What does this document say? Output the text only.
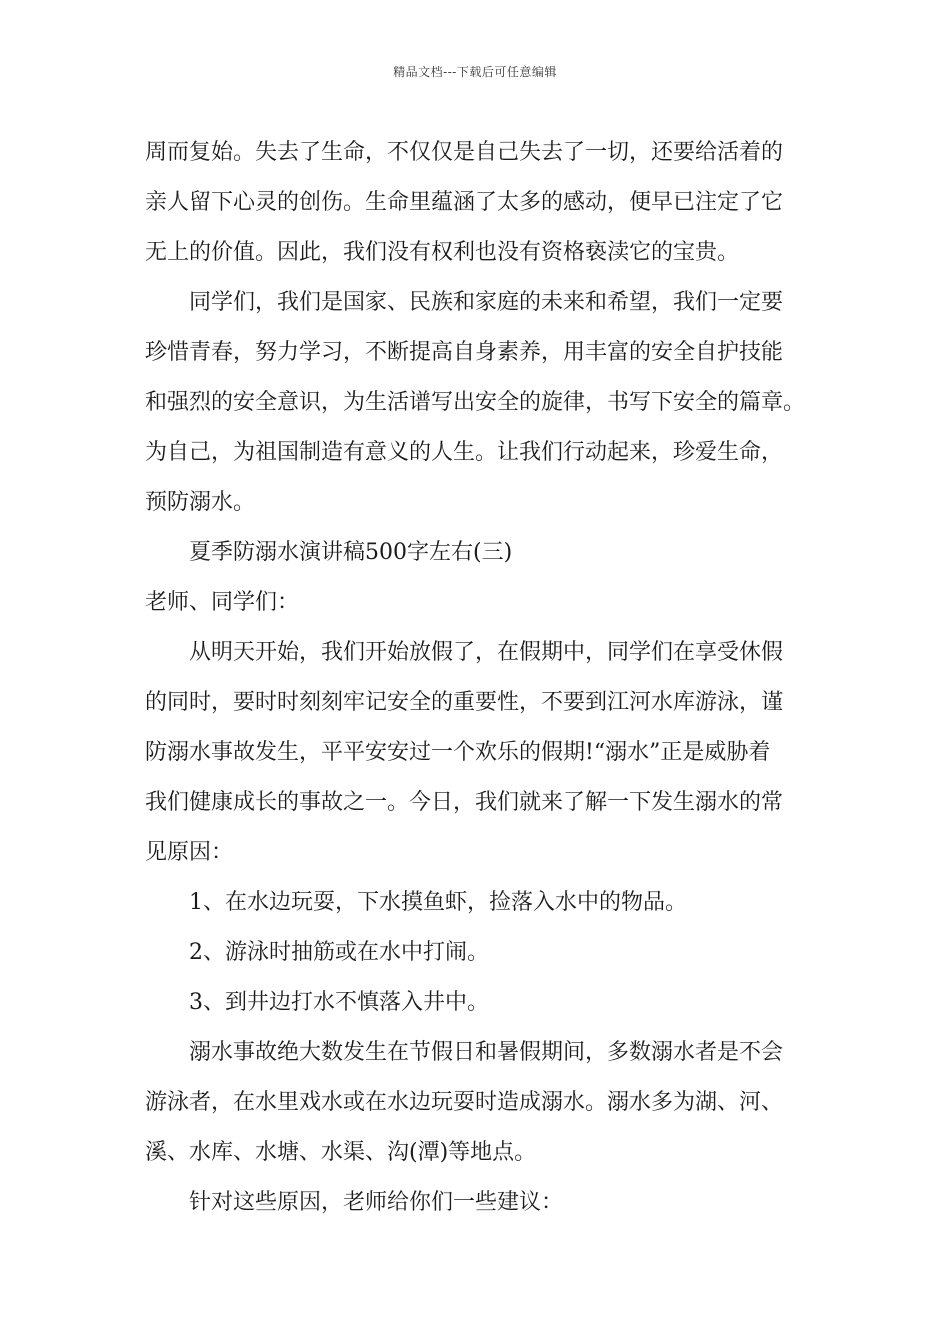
精品文档---下载后可任意编辑
周而复始。失去了生命，不仅仅是自己失去了一切，还要给活着的
亲人留下心灵的创伤。生命里蕴涵了太多的感动，便早已注定了它
无上的价值。因此，我们没有权利也没有资格亵渎它的宝贵。
同学们，我们是国家、民族和家庭的未来和希望，我们一定要
珍惜青春，努力学习，不断提高自身素养，用丰富的安全自护技能
和强烈的安全意识，为生活谱写出安全的旋律，书写下安全的篇章。
为自己，为祖国制造有意义的人生。让我们行动起来，珍爱生命，
预防溺水。
夏季防溺水演讲稿500字左右(三)
老师、同学们：
从明天开始，我们开始放假了，在假期中，同学们在享受休假
的同时，要时时刻刻牢记安全的重要性，不要到江河水库游泳，谨
防溺水事故发生，平平安安过一个欢乐的假期!“溺水”正是威胁着
我们健康成长的事故之一。今日，我们就来了解一下发生溺水的常
见原因：
1、在水边玩耍，下水摸鱼虾，捡落入水中的物品。
2、游泳时抽筋或在水中打闹。
3、到井边打水不慎落入井中。
溺水事故绝大数发生在节假日和暑假期间，多数溺水者是不会
游泳者，在水里戏水或在水边玩耍时造成溺水。溺水多为湖、河、
溪、水库、水塘、水渠、沟(潭)等地点。
针对这些原因，老师给你们一些建议：
